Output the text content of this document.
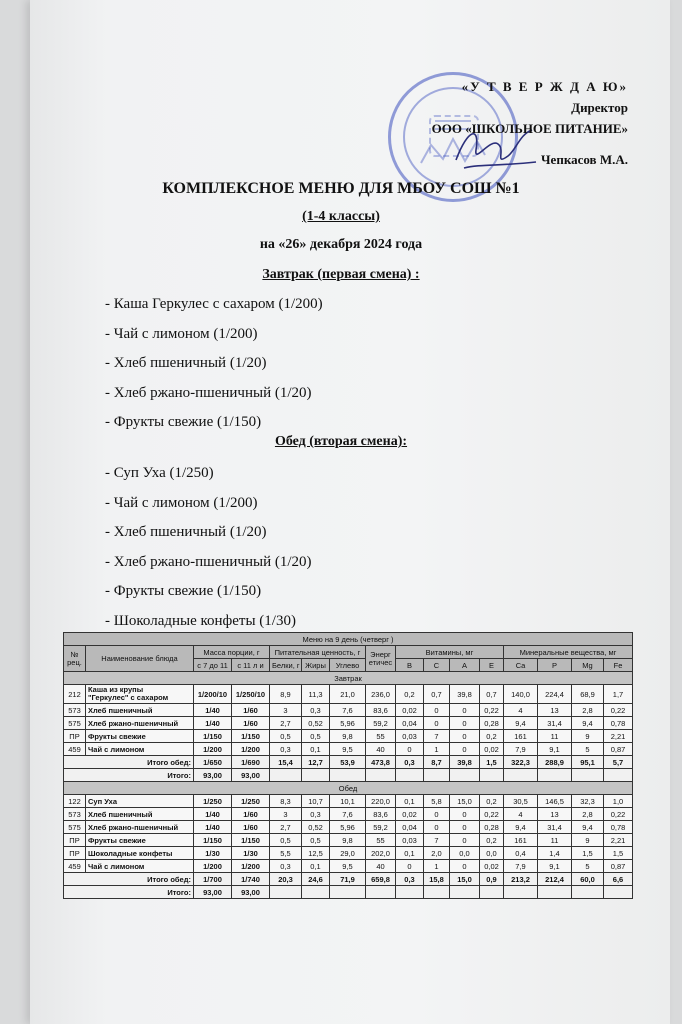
«У Т В Е Р Ж Д А Ю»
Директор
ООО «ШКОЛЬНОЕ ПИТАНИЕ»
Чепкасов М.А.
КОМПЛЕКСНОЕ МЕНЮ ДЛЯ МБОУ СОШ №1
(1-4 классы)
на «26» декабря 2024 года
Завтрак (первая смена) :
- Каша Геркулес с сахаром (1/200)
- Чай с лимоном (1/200)
- Хлеб пшеничный (1/20)
- Хлеб ржано-пшеничный (1/20)
- Фрукты свежие (1/150)
Обед (вторая смена):
- Суп Уха (1/250)
- Чай с лимоном (1/200)
- Хлеб пшеничный (1/20)
- Хлеб ржано-пшеничный (1/20)
- Фрукты свежие (1/150)
- Шоколадные конфеты (1/30)
Меню на 9 день (четверг )															
№
рец.	Наименование блюда	Масса порции, г		Питательная ценность, г			Энерг
етичес	Витамины, мг				Минеральные вещества, мг			
		с 7 до 11	с 11 л и	Белки, г	Жиры	Углево		B	C	A	E	Ca	P	Mg	Fe
Завтрак															
212	Каша из крупы
"Геркулес" с сахаром	1/200/10	1/250/10	8,9	11,3	21,0	236,0	0,2	0,7	39,8	0,7	140,0	224,4	68,9	1,7
573	Хлеб пшеничный	1/40	1/60	3	0,3	7,6	83,6	0,02	0	0	0,22	4	13	2,8	0,22
575	Хлеб ржано-пшеничный	1/40	1/60	2,7	0,52	5,96	59,2	0,04	0	0	0,28	9,4	31,4	9,4	0,78
ПР	Фрукты свежие	1/150	1/150	0,5	0,5	9,8	55	0,03	7	0	0,2	161	11	9	2,21
459	Чай с лимоном	1/200	1/200	0,3	0,1	9,5	40	0	1	0	0,02	7,9	9,1	5	0,87
Итого обед:		1/650	1/690	15,4	12,7	53,9	473,8	0,3	8,7	39,8	1,5	322,3	288,9	95,1	5,7
Итого:		93,00	93,00												
Обед															
122	Суп Уха	1/250	1/250	8,3	10,7	10,1	220,0	0,1	5,8	15,0	0,2	30,5	146,5	32,3	1,0
573	Хлеб пшеничный	1/40	1/60	3	0,3	7,6	83,6	0,02	0	0	0,22	4	13	2,8	0,22
575	Хлеб ржано-пшеничный	1/40	1/60	2,7	0,52	5,96	59,2	0,04	0	0	0,28	9,4	31,4	9,4	0,78
ПР	Фрукты свежие	1/150	1/150	0,5	0,5	9,8	55	0,03	7	0	0,2	161	11	9	2,21
ПР	Шоколадные конфеты	1/30	1/30	5,5	12,5	29,0	202,0	0,1	2,0	0,0	0,0	0,4	1,4	1,5	1,5
459	Чай с лимоном	1/200	1/200	0,3	0,1	9,5	40	0	1	0	0,02	7,9	9,1	5	0,87
Итого обед:		1/700	1/740	20,3	24,6	71,9	659,8	0,3	15,8	15,0	0,9	213,2	212,4	60,0	6,6
Итого:		93,00	93,00												
